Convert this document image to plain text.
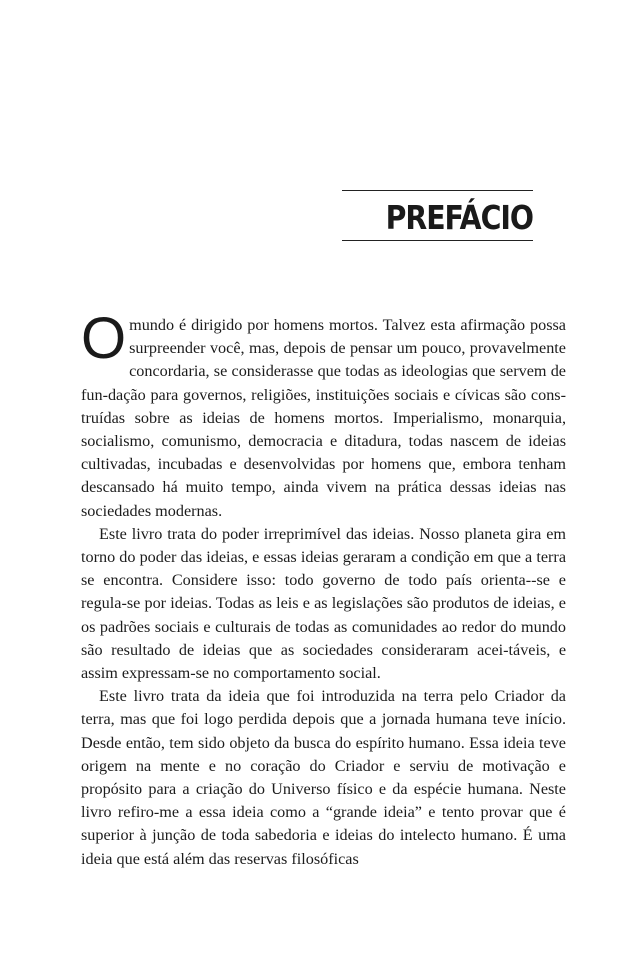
PREFÁCIO

O mundo é dirigido por homens mortos. Talvez esta afirmação possa surpreender você, mas, depois de pensar um pouco, provavelmente concordaria, se considerasse que todas as ideologias que servem de fun-dação para governos, religiões, instituições sociais e cívicas são cons-truídas sobre as ideias de homens mortos. Imperialismo, monarquia, socialismo, comunismo, democracia e ditadura, todas nascem de ideias cultivadas, incubadas e desenvolvidas por homens que, embora tenham descansado há muito tempo, ainda vivem na prática dessas ideias nas sociedades modernas.

Este livro trata do poder irreprimível das ideias. Nosso planeta gira em torno do poder das ideias, e essas ideias geraram a condição em que a terra se encontra. Considere isso: todo governo de todo país orienta--se e regula-se por ideias. Todas as leis e as legislações são produtos de ideias, e os padrões sociais e culturais de todas as comunidades ao redor do mundo são resultado de ideias que as sociedades consideraram acei-táveis, e assim expressam-se no comportamento social.

Este livro trata da ideia que foi introduzida na terra pelo Criador da terra, mas que foi logo perdida depois que a jornada humana teve início. Desde então, tem sido objeto da busca do espírito humano. Essa ideia teve origem na mente e no coração do Criador e serviu de motivação e propósito para a criação do Universo físico e da espécie humana. Neste livro refiro-me a essa ideia como a “grande ideia” e tento provar que é superior à junção de toda sabedoria e ideias do intelecto humano. É uma ideia que está além das reservas filosóficas
